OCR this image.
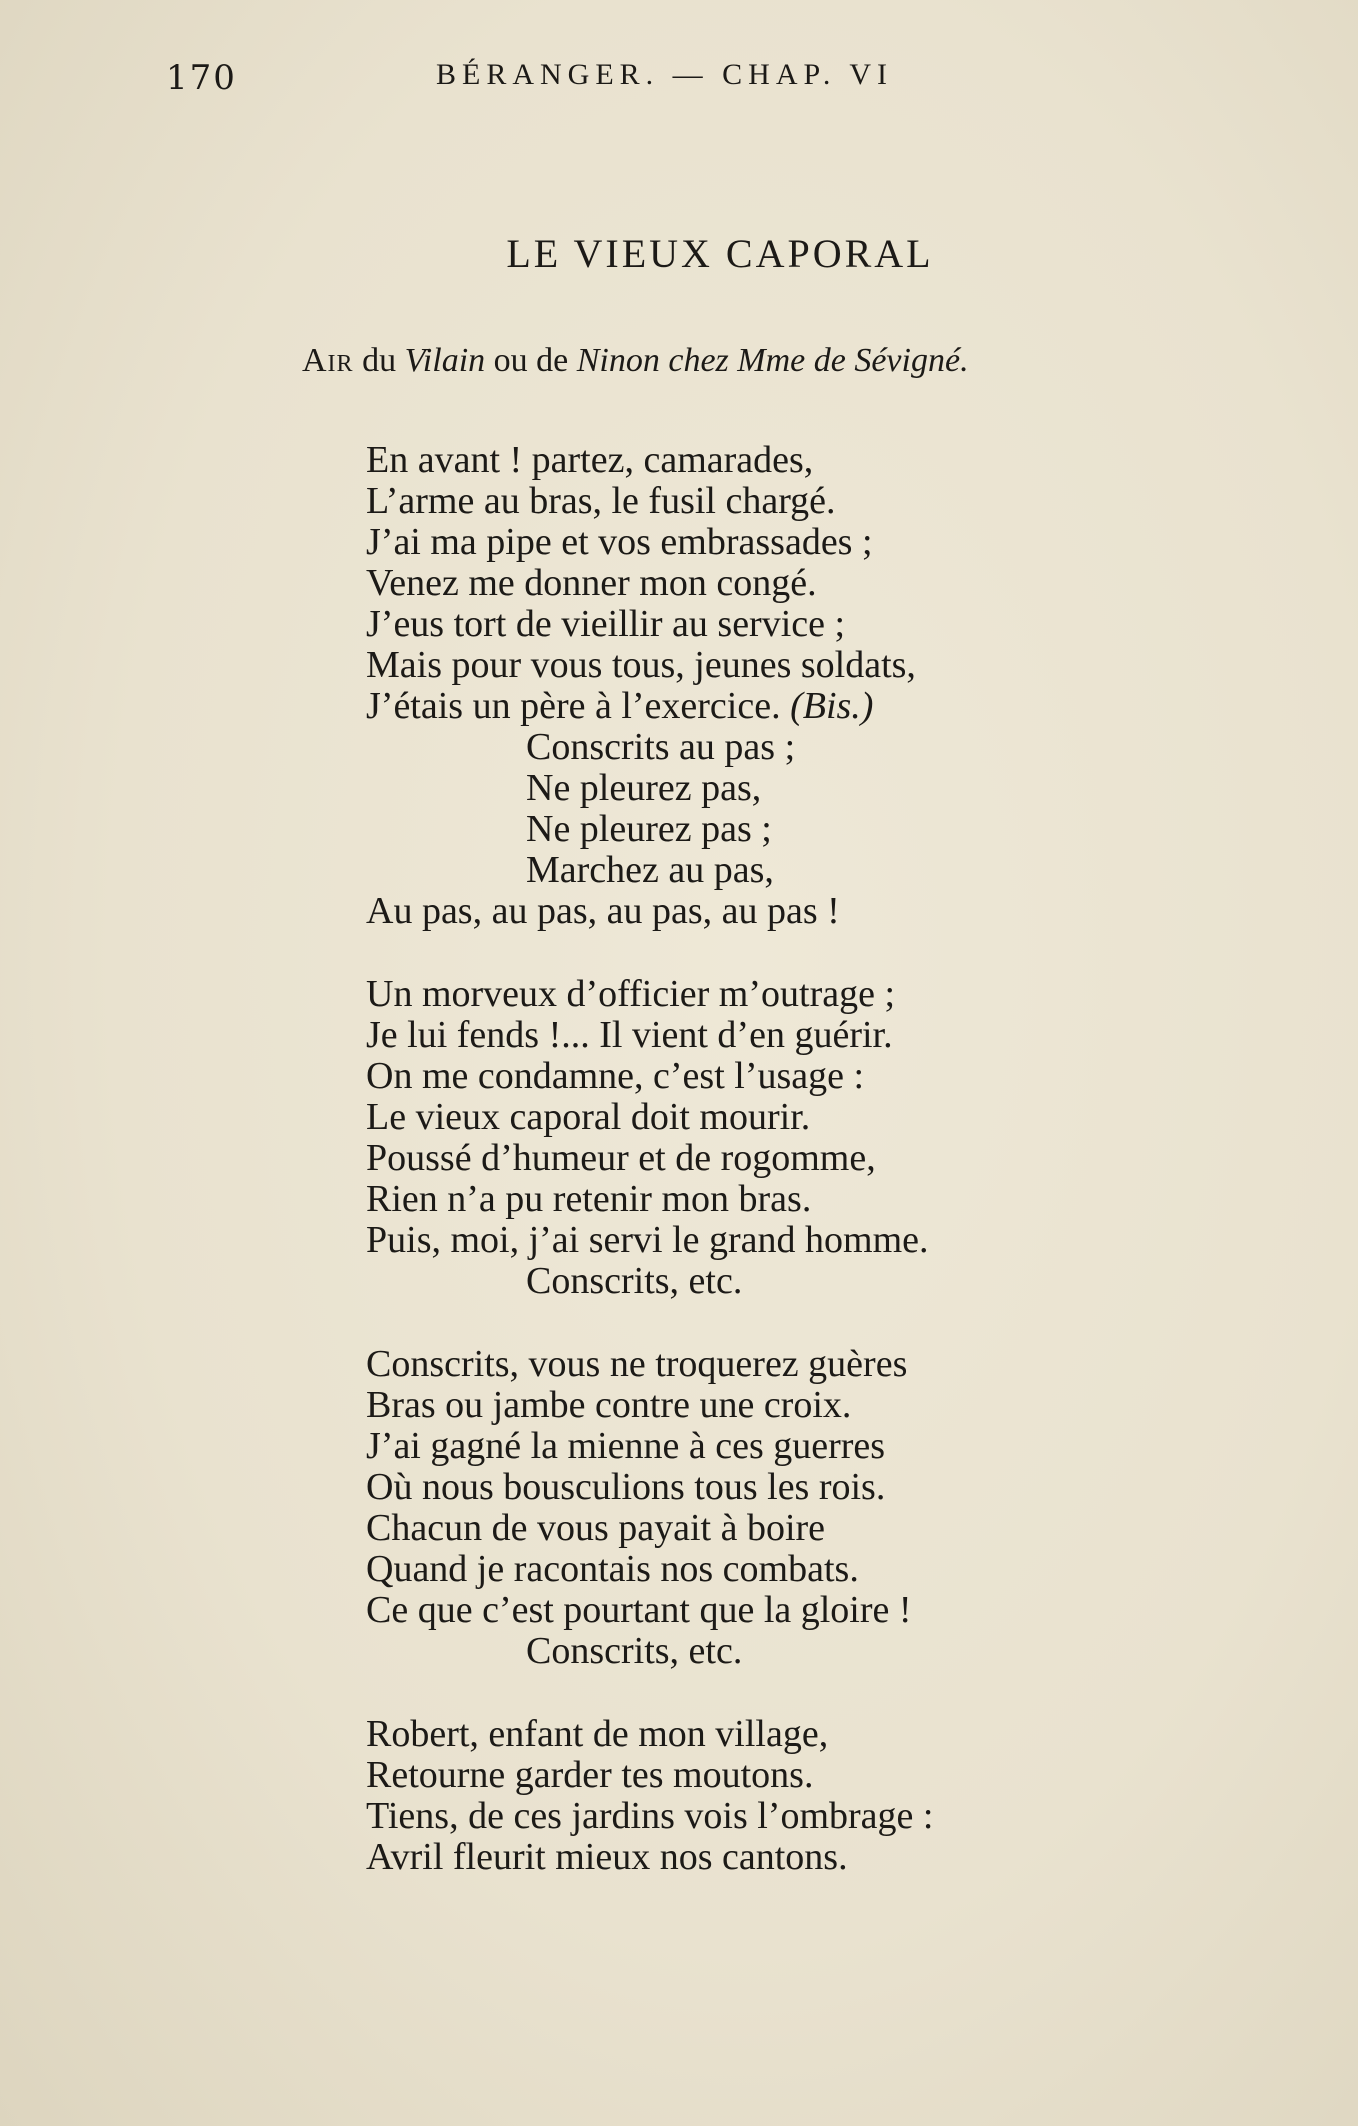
170	BÉRANGER. — CHAP. VI
LE VIEUX CAPORAL
Air du Vilain ou de Ninon chez Mme de Sévigné.
En avant ! partez, camarades,
L’arme au bras, le fusil chargé.
J’ai ma pipe et vos embrassades ;
Venez me donner mon congé.
J’eus tort de vieillir au service ;
Mais pour vous tous, jeunes soldats,
J’étais un père à l’exercice. (Bis.)
Conscrits au pas ;
Ne pleurez pas,
Ne pleurez pas ;
Marchez au pas,
Au pas, au pas, au pas, au pas !
Un morveux d’officier m’outrage ;
Je lui fends !... Il vient d’en guérir.
On me condamne, c’est l’usage :
Le vieux caporal doit mourir.
Poussé d’humeur et de rogomme,
Rien n’a pu retenir mon bras.
Puis, moi, j’ai servi le grand homme.
Conscrits, etc.
Conscrits, vous ne troquerez guères
Bras ou jambe contre une croix.
J’ai gagné la mienne à ces guerres
Où nous bousculions tous les rois.
Chacun de vous payait à boire
Quand je racontais nos combats.
Ce que c’est pourtant que la gloire !
Conscrits, etc.
Robert, enfant de mon village,
Retourne garder tes moutons.
Tiens, de ces jardins vois l’ombrage :
Avril fleurit mieux nos cantons.
